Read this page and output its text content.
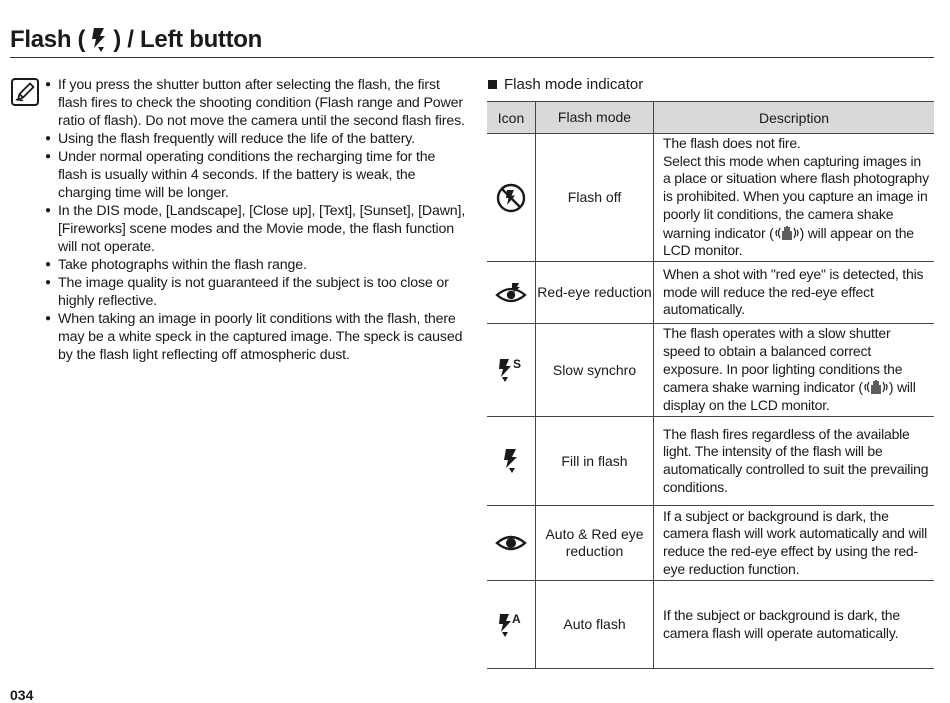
Flash ( ) / Left button
● If you press the shutter button after selecting the flash, the first flash fires to check the shooting condition (Flash range and Power ratio of flash). Do not move the camera until the second flash fires.
● Using the flash frequently will reduce the life of the battery.
● Under normal operating conditions the recharging time for the flash is usually within 4 seconds. If the battery is weak, the charging time will be longer.
● In the DIS mode, [Landscape], [Close up], [Text], [Sunset], [Dawn], [Fireworks] scene modes and the Movie mode, the flash function will not operate.
● Take photographs within the flash range.
● The image quality is not guaranteed if the subject is too close or highly reflective.
● When taking an image in poorly lit conditions with the flash, there may be a white speck in the captured image. The speck is caused by the flash light reflecting off atmospheric dust.
Flash mode indicator
Icon	Flash mode	Description

	Flash off	The flash does not fire.
Select this mode when capturing images in a place or situation where flash photography is prohibited. When you capture an image in poorly lit conditions, the camera shake warning indicator ( ) will appear on the LCD monitor.

	Red-eye reduction	When a shot with "red eye" is detected, this mode will reduce the red-eye effect automatically.

S	Slow synchro	The flash operates with a slow shutter speed to obtain a balanced correct exposure. In poor lighting conditions the camera shake warning indicator ( ) will display on the LCD monitor.

	Fill in flash	The flash fires regardless of the available light. The intensity of the flash will be automatically controlled to suit the prevailing conditions.

	Auto & Red eye reduction	If a subject or background is dark, the camera flash will work automatically and will reduce the red-eye effect by using the red-eye reduction function.

A	Auto flash	If the subject or background is dark, the camera flash will operate automatically.
034
